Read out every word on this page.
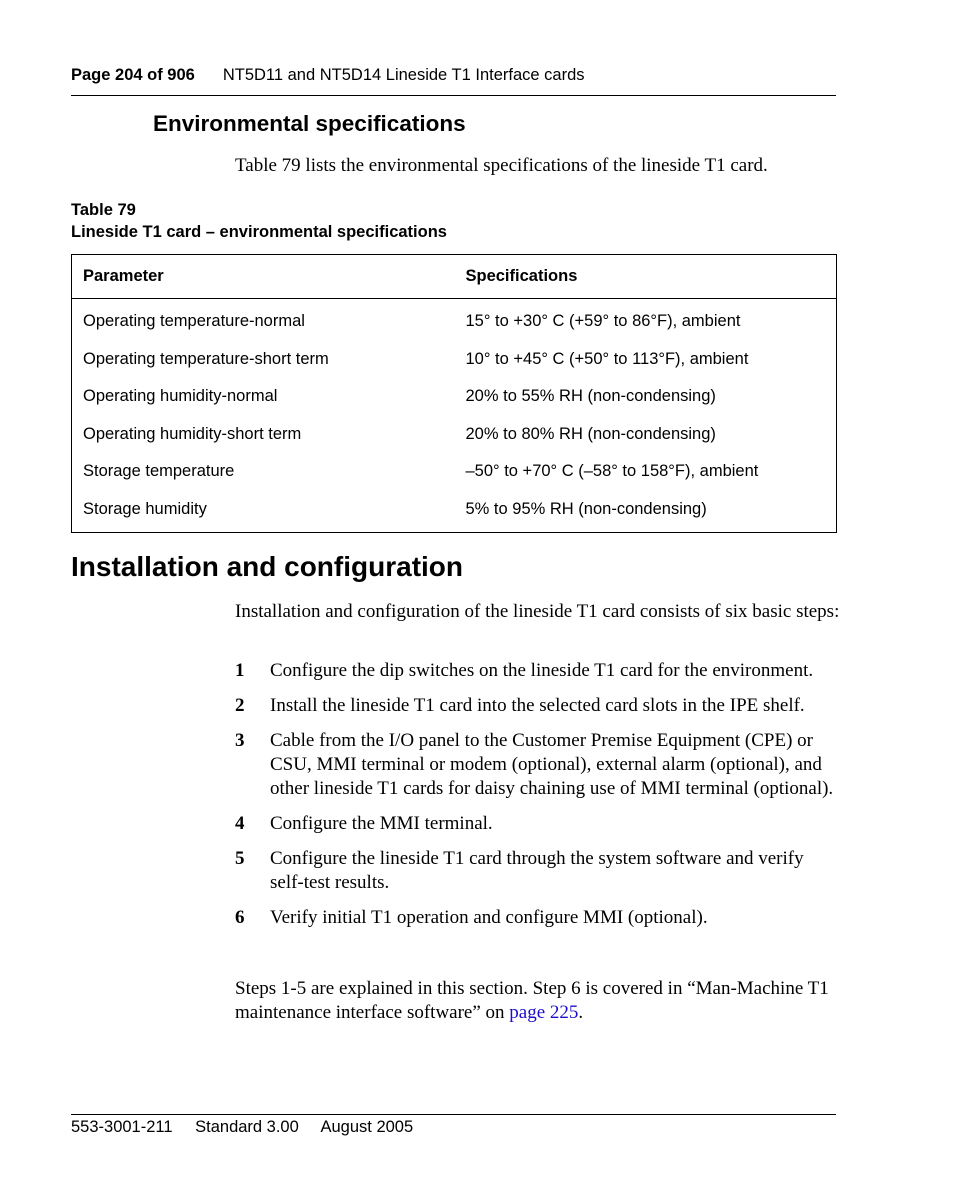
Page 204 of 906 NT5D11 and NT5D14 Lineside T1 Interface cards
Environmental specifications
Table 79 lists the environmental specifications of the lineside T1 card.
Table 79
Lineside T1 card – environmental specifications
Parameter	Specifications
Operating temperature-normal	15° to +30° C (+59° to 86°F), ambient
Operating temperature-short term	10° to +45° C (+50° to 113°F), ambient
Operating humidity-normal	20% to 55% RH (non-condensing)
Operating humidity-short term	20% to 80% RH (non-condensing)
Storage temperature	–50° to +70° C (–58° to 158°F), ambient
Storage humidity	5% to 95% RH (non-condensing)
Installation and configuration
Installation and configuration of the lineside T1 card consists of six basic steps:
1	Configure the dip switches on the lineside T1 card for the environment.
2	Install the lineside T1 card into the selected card slots in the IPE shelf.
3	Cable from the I/O panel to the Customer Premise Equipment (CPE) or CSU, MMI terminal or modem (optional), external alarm (optional), and other lineside T1 cards for daisy chaining use of MMI terminal (optional).
4	Configure the MMI terminal.
5	Configure the lineside T1 card through the system software and verify self-test results.
6	Verify initial T1 operation and configure MMI (optional).
Steps 1-5 are explained in this section. Step 6 is covered in “Man-Machine T1 maintenance interface software” on page 225.
553-3001-211 Standard 3.00 August 2005
